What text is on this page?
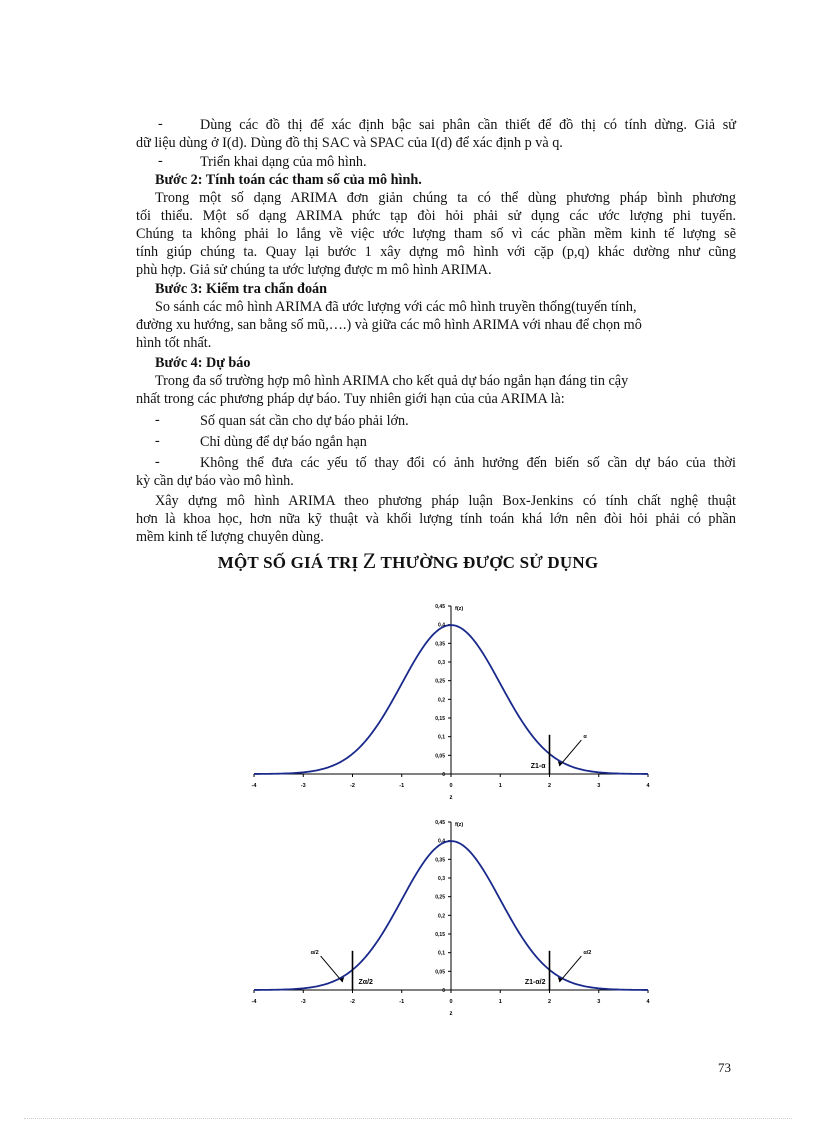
-	Dùng các đồ thị để xác định bậc sai phân cần thiết để đồ thị có tính dừng. Giả sử
dữ liệu dùng ở I(d). Dùng đồ thị SAC và SPAC của I(d) để xác định p và q.
-	Triển khai dạng của mô hình.
Bước 2: Tính toán các tham số của mô hình.
Trong một số dạng ARIMA đơn giản chúng ta có thể dùng phương pháp bình phương
tối thiểu. Một số dạng ARIMA phức tạp đòi hỏi phải sử dụng các ước lượng phi tuyến.
Chúng ta không phải lo lắng về việc ước lượng tham số vì các phần mềm kinh tế lượng sẽ
tính giúp chúng ta. Quay lại bước 1 xây dựng mô hình với cặp (p,q) khác dường như cũng
phù hợp. Giả sử chúng ta ước lượng được m mô hình ARIMA.
Bước 3: Kiểm tra chẩn đoán
So sánh các mô hình ARIMA đã ước lượng với các mô hình truyền thống(tuyến tính,
đường xu hướng, san bằng số mũ,….) và giữa các mô hình ARIMA với nhau để chọn mô
hình tốt nhất.
Bước 4: Dự báo
Trong đa số trường hợp mô hình ARIMA cho kết quả dự báo ngắn hạn đáng tin cậy
nhất trong các phương pháp dự báo. Tuy nhiên giới hạn của của ARIMA là:
-	Số quan sát cần cho dự báo phải lớn.
-	Chỉ dùng để dự báo ngắn hạn
-	Không thể đưa các yếu tố thay đổi có ảnh hưởng đến biến số cần dự báo của thời
kỳ cần dự báo vào mô hình.
Xây dựng mô hình ARIMA theo phương pháp luận Box-Jenkins có tính chất nghệ thuật
hơn là khoa học, hơn nữa kỹ thuật và khối lượng tính toán khá lớn nên đòi hỏi phải có phần
mềm kinh tế lượng chuyên dùng.
MỘT SỐ GIÁ TRỊ Z THƯỜNG ĐƯỢC SỬ DỤNG
-4	-3	-2	-1	0	1	2	3	4
0
0,05
0,1
0,15
0,2
0,25
0,3
0,35
0,4
0,45
z
f(z)
α
Z1-α
-4	-3	-2	-1	0	1	2	3	4
0
0,05
0,1
0,15
0,2
0,25
0,3
0,35
0,4
0,45
z
f(z)
α/2	α/2
Zα/2	Z1-α/2
73
